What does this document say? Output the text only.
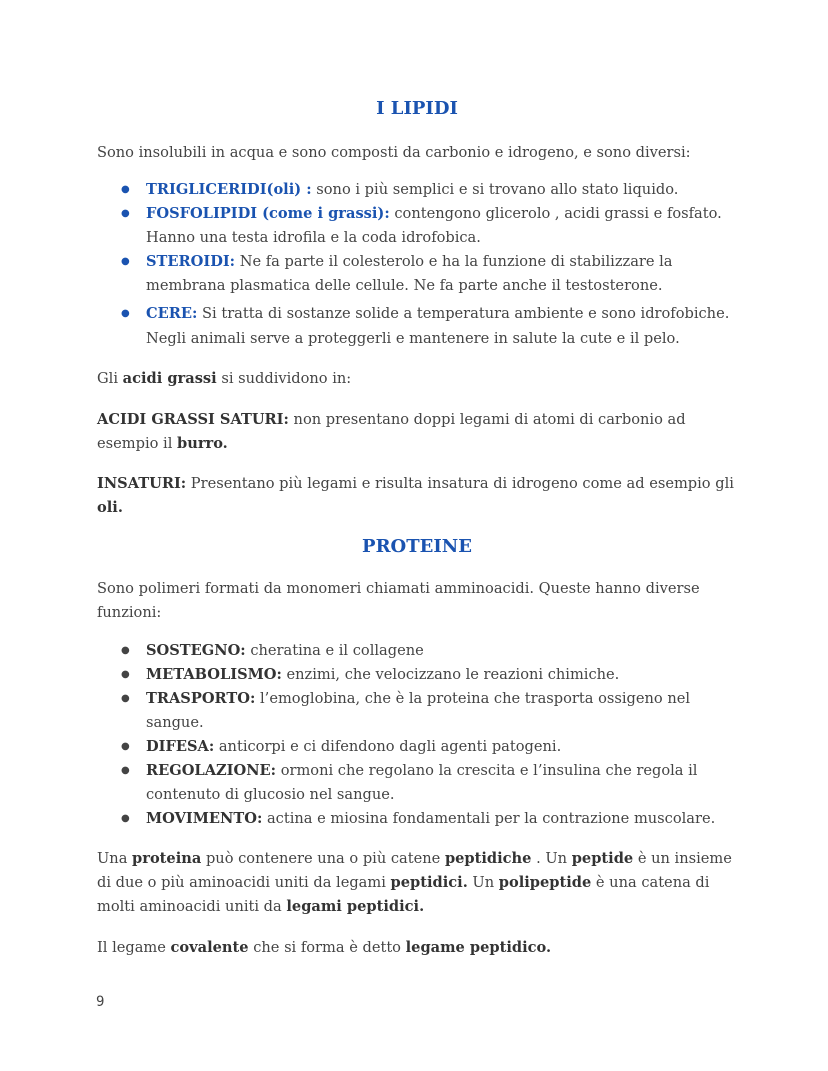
I LIPIDI

Sono insolubili in acqua e sono composti da carbonio e idrogeno, e sono diversi:

● TRIGLICERIDI(oli) : sono i più semplici e si trovano allo stato liquido.
● FOSFOLIPIDI (come i grassi): contengono glicerolo , acidi grassi e fosfato. Hanno una testa idrofila e la coda idrofobica.
● STEROIDI: Ne fa parte il colesterolo e ha la funzione di stabilizzare la membrana plasmatica delle cellule. Ne fa parte anche il testosterone.
● CERE: Si tratta di sostanze solide a temperatura ambiente e sono idrofobiche. Negli animali serve a proteggerli e mantenere in salute la cute e il pelo.

Gli acidi grassi si suddividono in:

ACIDI GRASSI SATURI: non presentano doppi legami di atomi di carbonio ad esempio il burro.

INSATURI: Presentano più legami e risulta insatura di idrogeno come ad esempio gli oli.

PROTEINE

Sono polimeri formati da monomeri chiamati amminoacidi. Queste hanno diverse funzioni:

● SOSTEGNO: cheratina e il collagene
● METABOLISMO: enzimi, che velocizzano le reazioni chimiche.
● TRASPORTO: l’emoglobina, che è la proteina che trasporta ossigeno nel sangue.
● DIFESA: anticorpi e ci difendono dagli agenti patogeni.
● REGOLAZIONE: ormoni che regolano la crescita e l’insulina che regola il contenuto di glucosio nel sangue.
● MOVIMENTO: actina e miosina fondamentali per la contrazione muscolare.

Una proteina può contenere una o più catene peptidiche . Un peptide è un insieme di due o più aminoacidi uniti da legami peptidici. Un polipeptide è una catena di molti aminoacidi uniti da legami peptidici.

Il legame covalente che si forma è detto legame peptidico.

9
